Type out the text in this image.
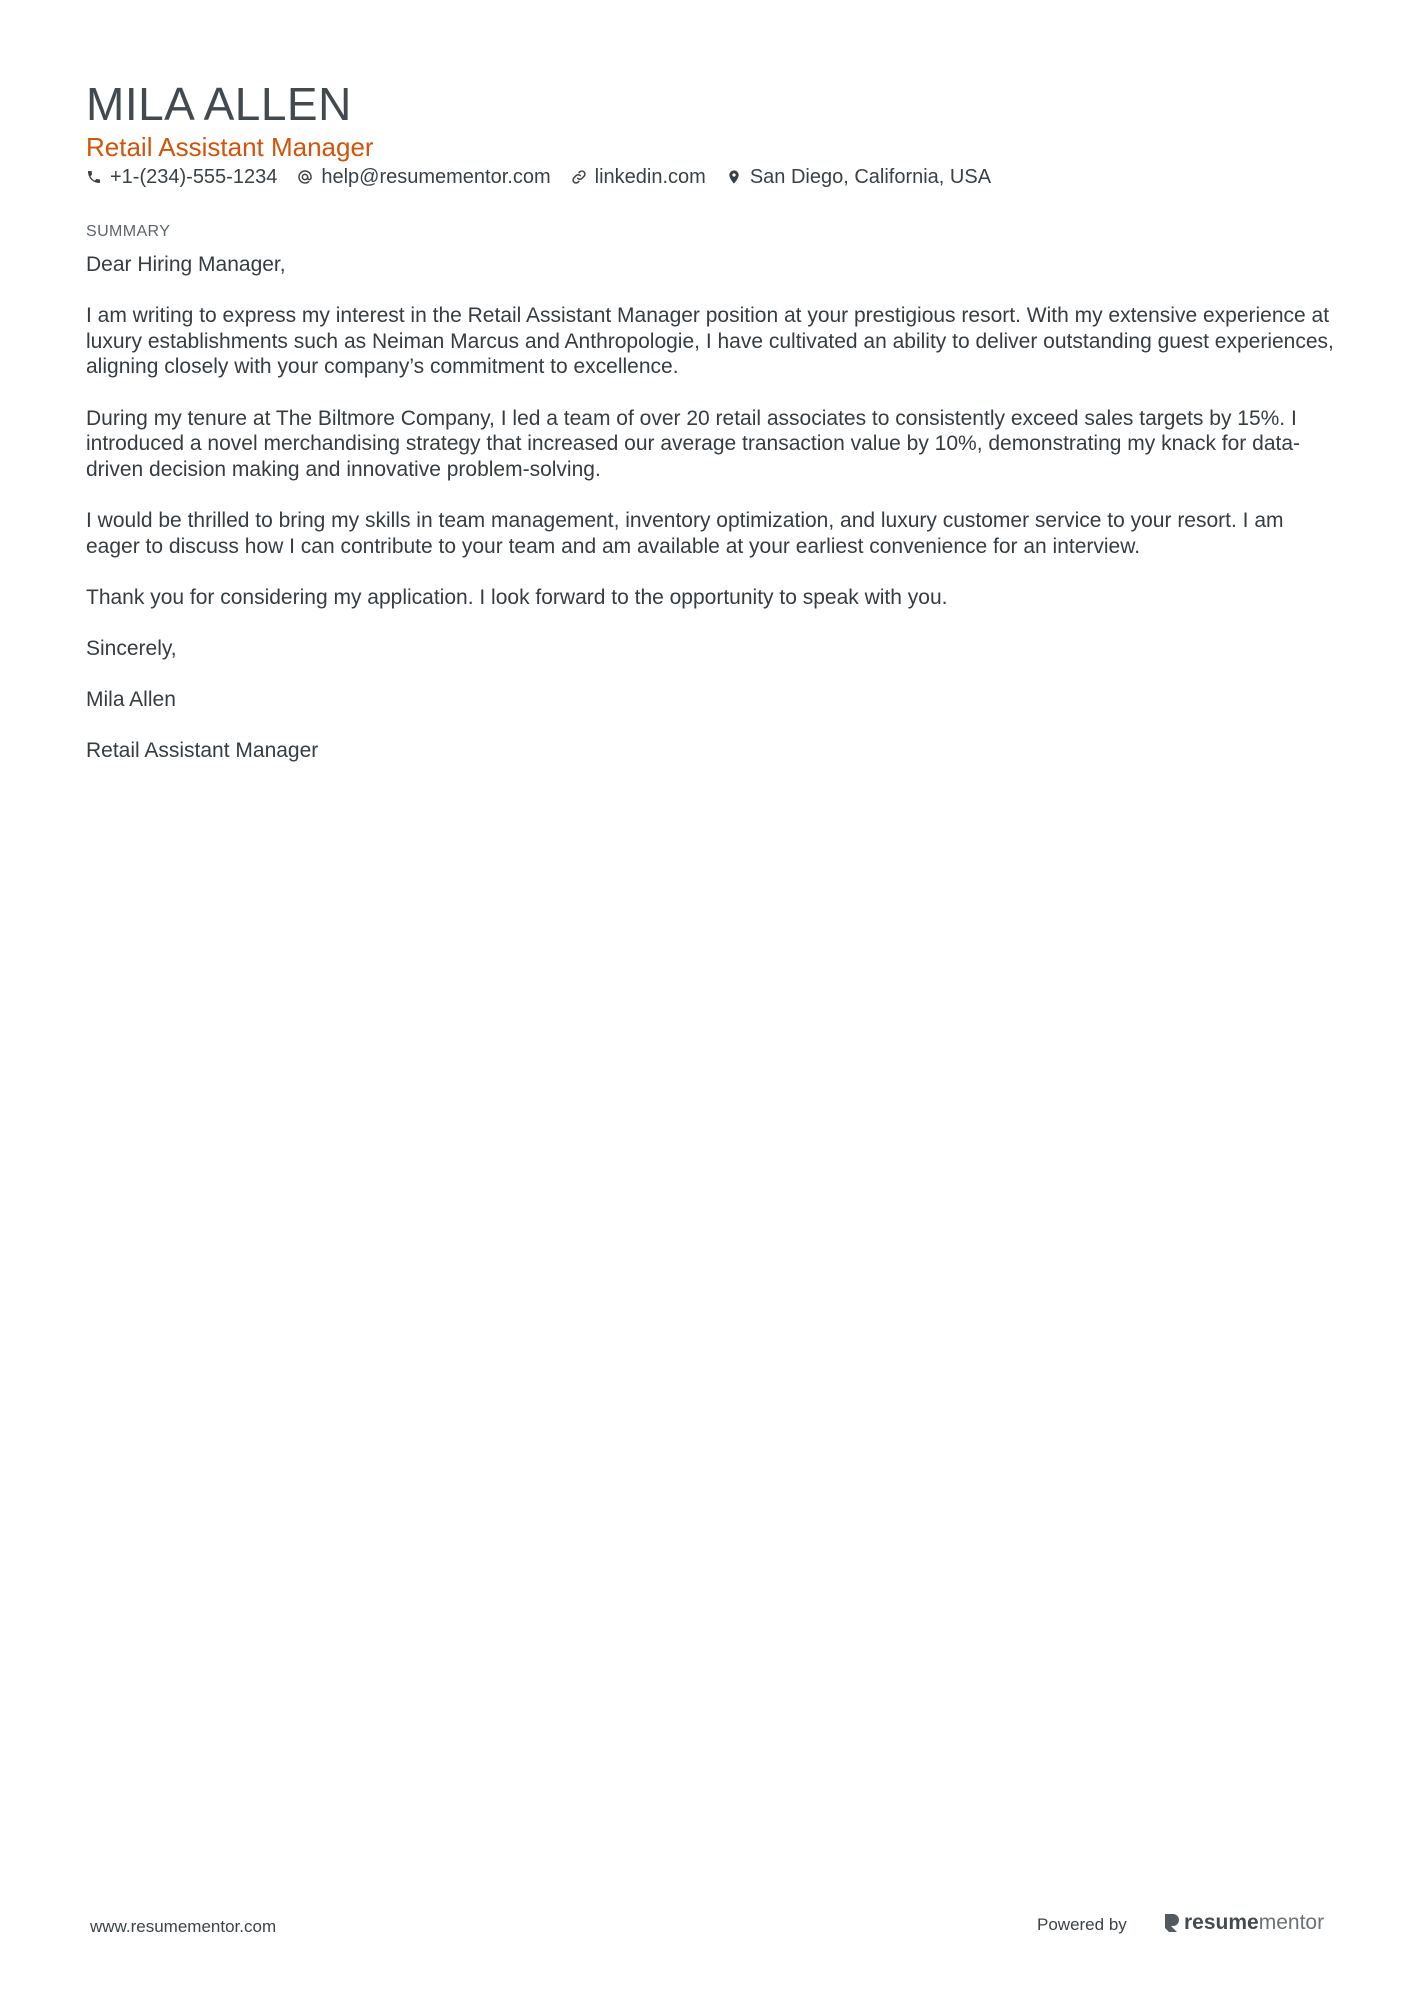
MILA ALLEN
Retail Assistant Manager
+1-(234)-555-1234 help@resumementor.com linkedin.com San Diego, California, USA
SUMMARY

Dear Hiring Manager,

I am writing to express my interest in the Retail Assistant Manager position at your prestigious resort. With my extensive experience at luxury establishments such as Neiman Marcus and Anthropologie, I have cultivated an ability to deliver outstanding guest experiences, aligning closely with your company’s commitment to excellence.

During my tenure at The Biltmore Company, I led a team of over 20 retail associates to consistently exceed sales targets by 15%. I introduced a novel merchandising strategy that increased our average transaction value by 10%, demonstrating my knack for data-driven decision making and innovative problem-solving.

I would be thrilled to bring my skills in team management, inventory optimization, and luxury customer service to your resort. I am eager to discuss how I can contribute to your team and am available at your earliest convenience for an interview.

Thank you for considering my application. I look forward to the opportunity to speak with you.

Sincerely,

Mila Allen

Retail Assistant Manager

www.resumementor.com	Powered by	resume mentor
